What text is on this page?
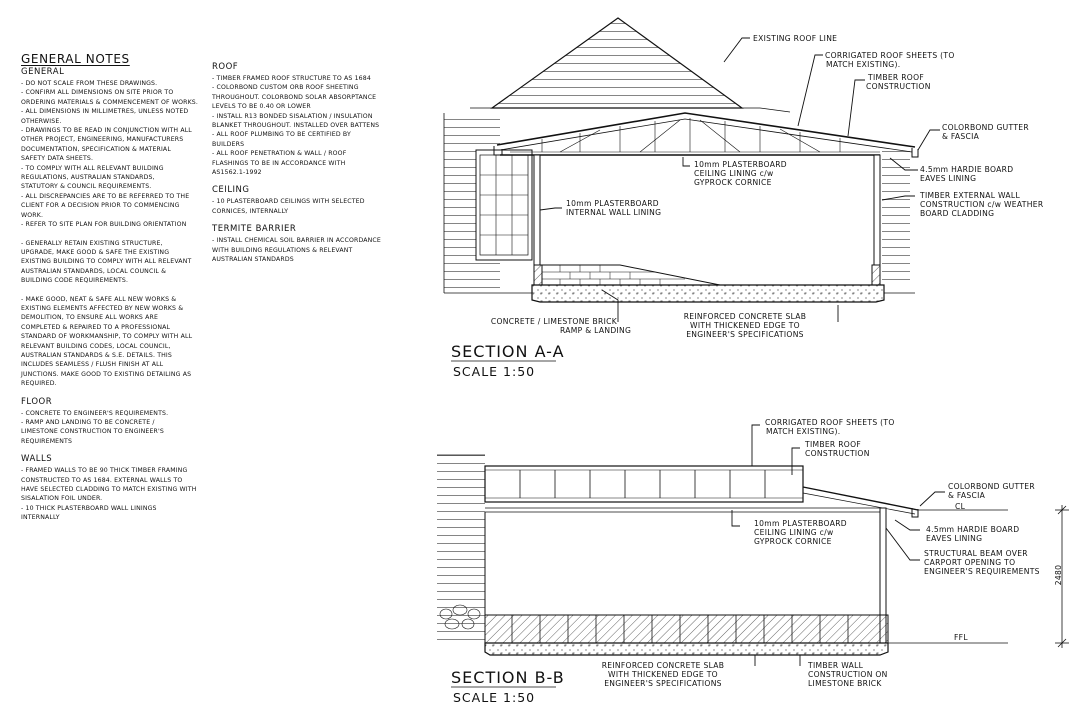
GENERAL NOTES
GENERAL

- DO NOT SCALE FROM THESE DRAWINGS.
- CONFIRM ALL DIMENSIONS ON SITE PRIOR TO
ORDERING MATERIALS & COMMENCEMENT OF WORKS.
- ALL DIMENSIONS IN MILLIMETRES, UNLESS NOTED
OTHERWISE.
- DRAWINGS TO BE READ IN CONJUNCTION WITH ALL
OTHER PROJECT, ENGINEERING, MANUFACTURERS
DOCUMENTATION, SPECIFICATION & MATERIAL
SAFETY DATA SHEETS.
- TO COMPLY WITH ALL RELEVANT BUILDING
REGULATIONS, AUSTRALIAN STANDARDS,
STATUTORY & COUNCIL REQUIREMENTS.
- ALL DISCREPANCIES ARE TO BE REFERRED TO THE
CLIENT FOR A DECISION PRIOR TO COMMENCING
WORK.
- REFER TO SITE PLAN FOR BUILDING ORIENTATION

- GENERALLY RETAIN EXISTING STRUCTURE,
UPGRADE, MAKE GOOD & SAFE THE EXISTING
EXISTING BUILDING TO COMPLY WITH ALL RELEVANT
AUSTRALIAN STANDARDS, LOCAL COUNCIL &
BUILDING CODE REQUIREMENTS.

- MAKE GOOD, NEAT & SAFE ALL NEW WORKS &
EXISTING ELEMENTS AFFECTED BY NEW WORKS &
DEMOLITION, TO ENSURE ALL WORKS ARE
COMPLETED & REPAIRED TO A PROFESSIONAL
STANDARD OF WORKMANSHIP, TO COMPLY WITH ALL
RELEVANT BUILDING CODES, LOCAL COUNCIL,
AUSTRALIAN STANDARDS & S.E. DETAILS. THIS
INCLUDES SEAMLESS / FLUSH FINISH AT ALL
JUNCTIONS. MAKE GOOD TO EXISTING DETAILING AS
REQUIRED.

FLOOR

- CONCRETE TO ENGINEER'S REQUIREMENTS.
- RAMP AND LANDING TO BE CONCRETE /
LIMESTONE CONSTRUCTION TO ENGINEER'S
REQUIREMENTS

WALLS

- FRAMED WALLS TO BE 90 THICK TIMBER FRAMING
CONSTRUCTED TO AS 1684. EXTERNAL WALLS TO
HAVE SELECTED CLADDING TO MATCH EXISTING WITH
SISALATION FOIL UNDER.
- 10 THICK PLASTERBOARD WALL LININGS
INTERNALLY

ROOF

- TIMBER FRAMED ROOF STRUCTURE TO AS 1684
- COLORBOND CUSTOM ORB ROOF SHEETING
THROUGHOUT. COLORBOND SOLAR ABSORPTANCE
LEVELS TO BE 0.40 OR LOWER
- INSTALL R13 BONDED SISALATION / INSULATION
BLANKET THROUGHOUT. INSTALLED OVER BATTENS
- ALL ROOF PLUMBING TO BE CERTIFIED BY
BUILDERS
- ALL ROOF PENETRATION & WALL / ROOF
FLASHINGS TO BE IN ACCORDANCE WITH
AS1562.1-1992

CEILING

- 10 PLASTERBOARD CEILINGS WITH SELECTED
CORNICES, INTERNALLY

TERMITE BARRIER

- INSTALL CHEMICAL SOIL BARRIER IN ACCORDANCE
WITH BUILDING REGULATIONS & RELEVANT
AUSTRALIAN STANDARDS

EXISTING ROOF LINE
CORRIGATED ROOF SHEETS (TO
MATCH EXISTING).
TIMBER ROOF
CONSTRUCTION
COLORBOND GUTTER
& FASCIA
4.5mm HARDIE BOARD
EAVES LINING
TIMBER EXTERNAL WALL
CONSTRUCTION c/w WEATHER
BOARD CLADDING
10mm PLASTERBOARD
CEILING LINING c/w
GYPROCK CORNICE
10mm PLASTERBOARD
INTERNAL WALL LINING
CONCRETE / LIMESTONE BRICK
RAMP & LANDING
REINFORCED CONCRETE SLAB
WITH THICKENED EDGE TO
ENGINEER'S SPECIFICATIONS
SECTION A-A
SCALE 1:50
CORRIGATED ROOF SHEETS (TO
MATCH EXISTING).
TIMBER ROOF
CONSTRUCTION
COLORBOND GUTTER
& FASCIA
CL
4.5mm HARDIE BOARD
EAVES LINING
10mm PLASTERBOARD
CEILING LINING c/w
GYPROCK CORNICE
STRUCTURAL BEAM OVER
CARPORT OPENING TO
ENGINEER'S REQUIREMENTS 2480
FFL
REINFORCED CONCRETE SLAB
WITH THICKENED EDGE TO
ENGINEER'S SPECIFICATIONS
TIMBER WALL
CONSTRUCTION ON
LIMESTONE BRICK
SECTION B-B
SCALE 1:50
